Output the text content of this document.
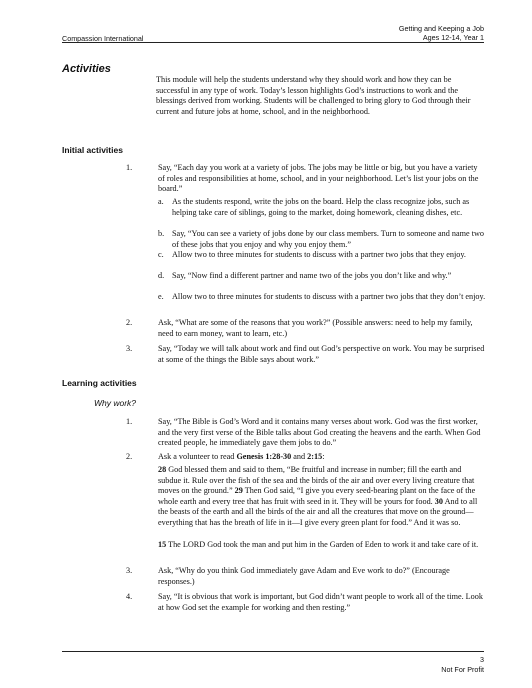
Getting and Keeping a Job
Ages 12-14, Year 1
Compassion International
Activities
This module will help the students understand why they should work and how they can be successful in any type of work. Today’s lesson highlights God’s instructions to work and the blessings derived from working. Students will be challenged to bring glory to God through their current and future jobs at home, school, and in the neighborhood.
Initial activities
1.	Say, “Each day you work at a variety of jobs. The jobs may be little or big, but you have a variety of roles and responsibilities at home, school, and in your neighborhood. Let’s list your jobs on the board.”
a. As the students respond, write the jobs on the board. Help the class recognize jobs, such as helping take care of siblings, going to the market, doing homework, cleaning dishes, etc.
b. Say, “You can see a variety of jobs done by our class members. Turn to someone and name two of these jobs that you enjoy and why you enjoy them.”
c. Allow two to three minutes for students to discuss with a partner two jobs that they enjoy.
d. Say, “Now find a different partner and name two of the jobs you don’t like and why.”
e. Allow two to three minutes for students to discuss with a partner two jobs that they don’t enjoy.
2.	Ask, “What are some of the reasons that you work?” (Possible answers: need to help my family, need to earn money, want to learn, etc.)
3.	Say, “Today we will talk about work and find out God’s perspective on work. You may be surprised at some of the things the Bible says about work.”
Learning activities
Why work?
1.	Say, “The Bible is God’s Word and it contains many verses about work. God was the first worker, and the very first verse of the Bible talks about God creating the heavens and the earth. When God created people, he immediately gave them jobs to do.”
2.	Ask a volunteer to read Genesis 1:28-30 and 2:15:
28 God blessed them and said to them, “Be fruitful and increase in number; fill the earth and subdue it. Rule over the fish of the sea and the birds of the air and over every living creature that moves on the ground.” 29 Then God said, “I give you every seed-bearing plant on the face of the whole earth and every tree that has fruit with seed in it. They will be yours for food. 30 And to all the beasts of the earth and all the birds of the air and all the creatures that move on the ground—everything that has the breath of life in it—I give every green plant for food.” And it was so.
15 The LORD God took the man and put him in the Garden of Eden to work it and take care of it.
3.	Ask, “Why do you think God immediately gave Adam and Eve work to do?” (Encourage responses.)
4.	Say, “It is obvious that work is important, but God didn’t want people to work all of the time. Look at how God set the example for working and then resting.”
3
Not For Profit
